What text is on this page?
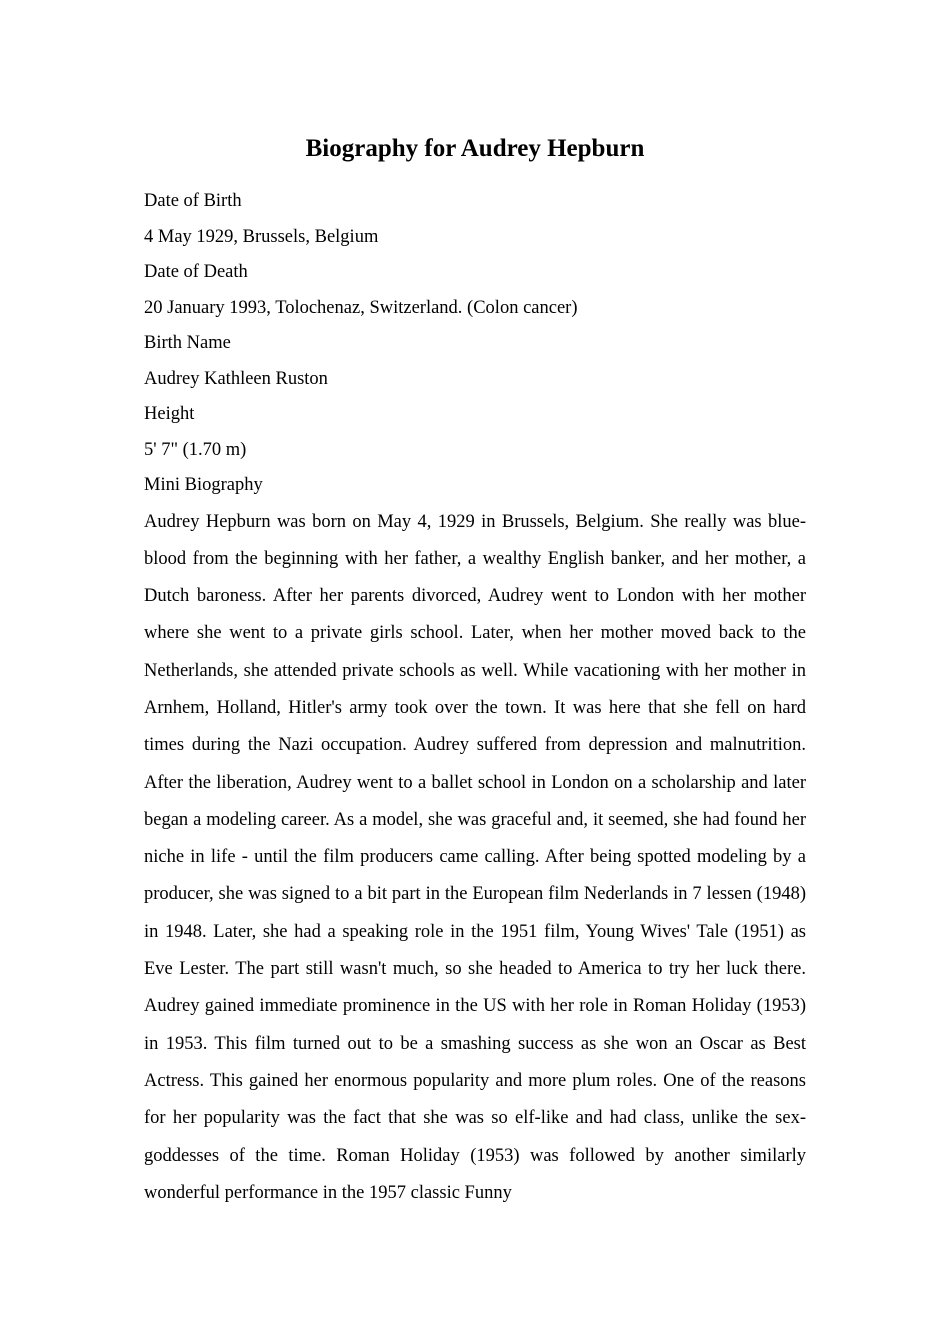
Biography for Audrey Hepburn

Date of Birth

4 May 1929, Brussels, Belgium

Date of Death

20 January 1993, Tolochenaz, Switzerland. (Colon cancer)

Birth Name

Audrey Kathleen Ruston

Height

5' 7" (1.70 m)

Mini Biography

Audrey Hepburn was born on May 4, 1929 in Brussels, Belgium. She really was blue-blood from the beginning with her father, a wealthy English banker, and her mother, a Dutch baroness. After her parents divorced, Audrey went to London with her mother where she went to a private girls school. Later, when her mother moved back to the Netherlands, she attended private schools as well. While vacationing with her mother in Arnhem, Holland, Hitler's army took over the town. It was here that she fell on hard times during the Nazi occupation. Audrey suffered from depression and malnutrition. After the liberation, Audrey went to a ballet school in London on a scholarship and later began a modeling career. As a model, she was graceful and, it seemed, she had found her niche in life - until the film producers came calling. After being spotted modeling by a producer, she was signed to a bit part in the European film Nederlands in 7 lessen (1948) in 1948. Later, she had a speaking role in the 1951 film, Young Wives' Tale (1951) as Eve Lester. The part still wasn't much, so she headed to America to try her luck there. Audrey gained immediate prominence in the US with her role in Roman Holiday (1953) in 1953. This film turned out to be a smashing success as she won an Oscar as Best Actress. This gained her enormous popularity and more plum roles. One of the reasons for her popularity was the fact that she was so elf-like and had class, unlike the sex-goddesses of the time. Roman Holiday (1953) was followed by another similarly wonderful performance in the 1957 classic Funny
